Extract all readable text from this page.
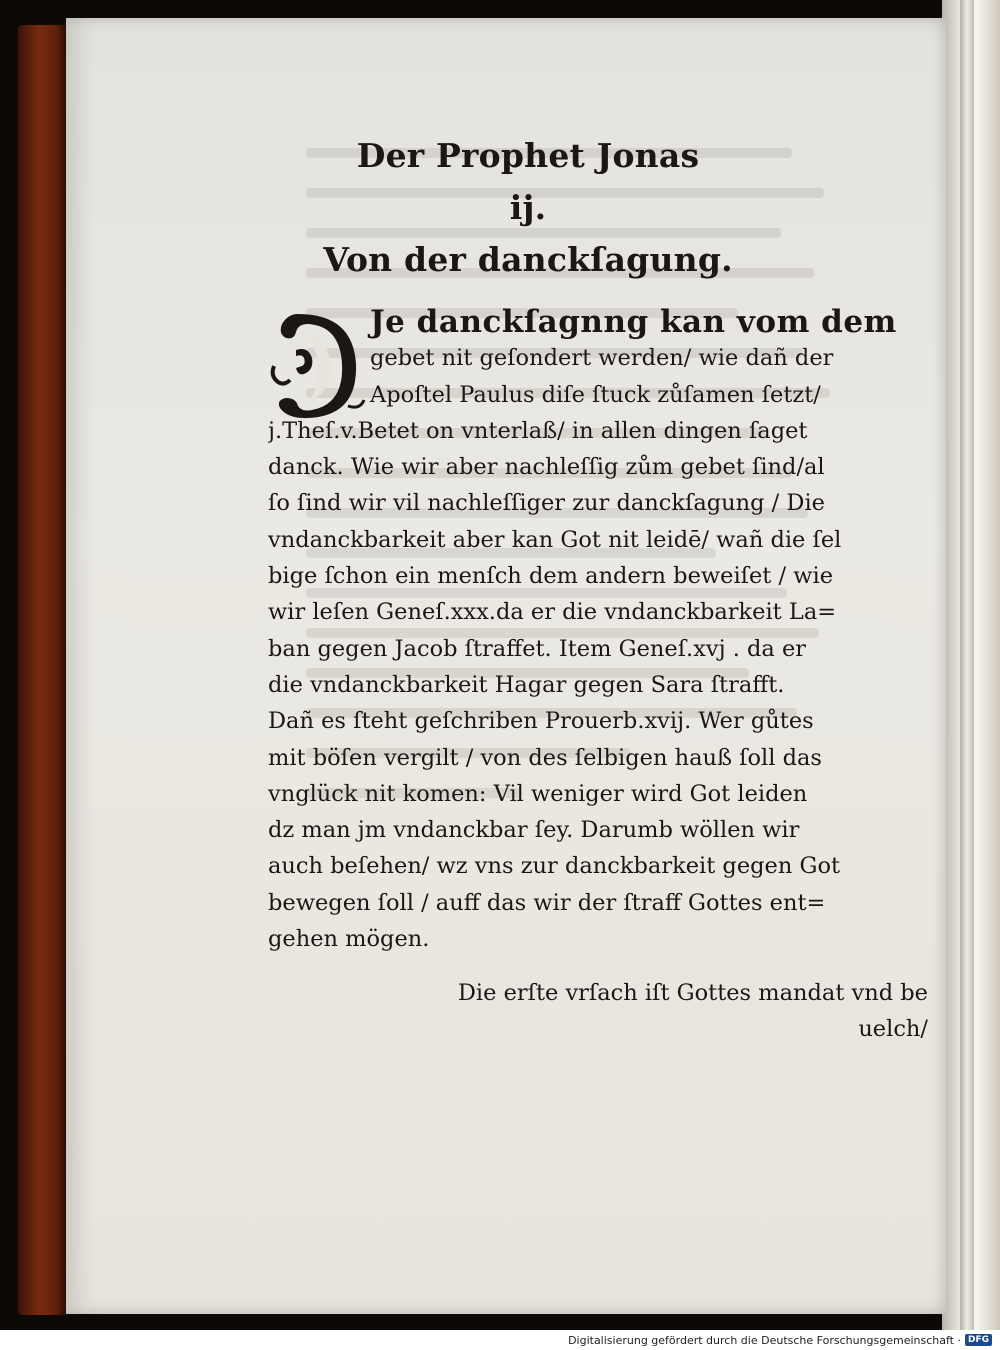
Der Prophet Jonas
ij.
Von der danckſagung.
Je danckſagnng kan vom dem
gebet nit geſondert werden/ wie dañ der
Apoſtel Paulus diſe ſtuck zůſamen ſetzt/
j.Theſ.v.Betet on vnterlaß/ in allen dingen ſaget
danck. Wie wir aber nachleſſig zům gebet ſind/al
ſo ſind wir vil nachleſſiger zur danckſagung / Die
vndanckbarkeit aber kan Got nit leidē/ wañ die ſel
bige ſchon ein menſch dem andern beweiſet / wie
wir leſen Geneſ.xxx.da er die vndanckbarkeit La=
ban gegen Jacob ſtraffet. Item Geneſ.xvj . da er
die vndanckbarkeit Hagar gegen Sara ſtrafft.
Dañ es ſteht geſchriben Prouerb.xvij. Wer gůtes
mit böſen vergilt / von des ſelbigen hauß ſoll das
vnglück nit komen: Vil weniger wird Got leiden
dz man jm vndanckbar ſey. Darumb wöllen wir
auch beſehen/ wz vns zur danckbarkeit gegen Got
bewegen ſoll / auff das wir der ſtraff Gottes ent=
gehen mögen.
Die erſte vrſach iſt Gottes mandat vnd be
uelch/
Digitalisierung gefördert durch die Deutsche Forschungsgemeinschaft · DFG
